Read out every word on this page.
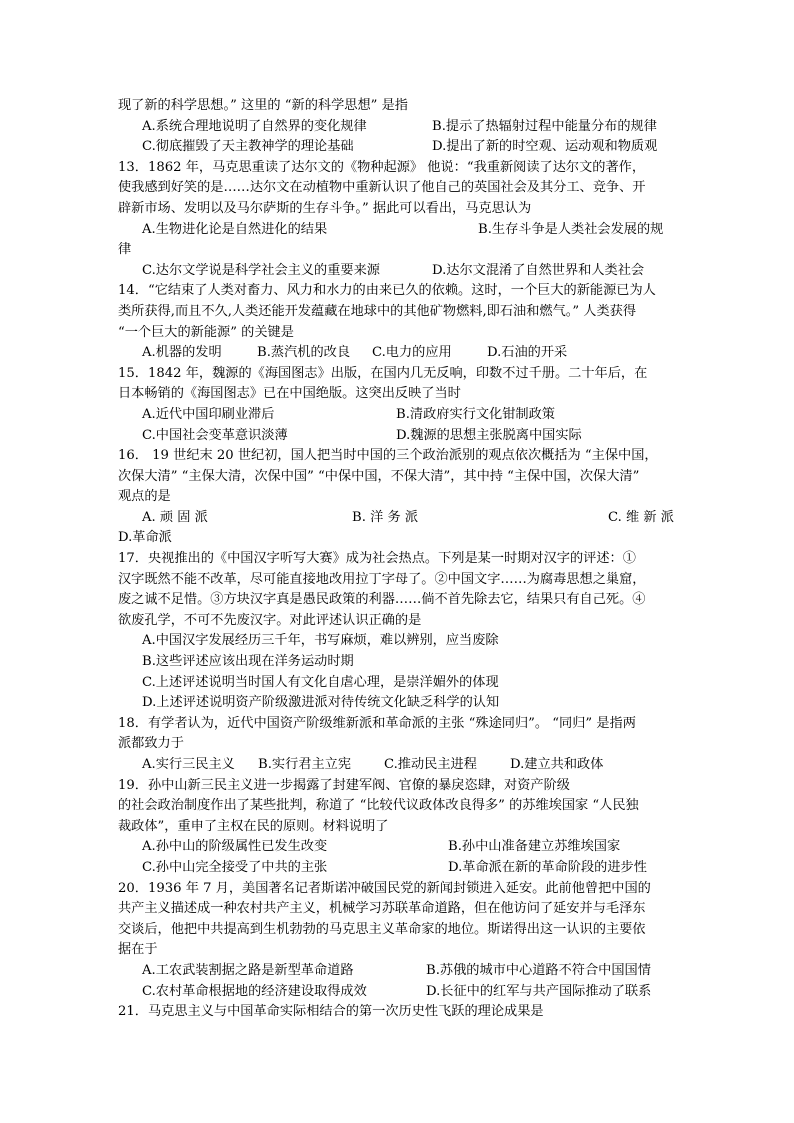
现了新的科学思想。” 这里的 “新的科学思想” 是指
A.系统合理地说明了自然界的变化规律	B.提示了热辐射过程中能量分布的规律
C.彻底摧毁了天主教神学的理论基础	D.提出了新的时空观、运动观和物质观
13．1862 年，马克思重读了达尔文的《物种起源》 他说：“我重新阅读了达尔文的著作，
使我感到好笑的是……达尔文在动植物中重新认识了他自己的英国社会及其分工、竞争、开
辟新市场、发明以及马尔萨斯的生存斗争。” 据此可以看出，马克思认为
A.生物进化论是自然进化的结果	B.生存斗争是人类社会发展的规
律
C.达尔文学说是科学社会主义的重要来源	D.达尔文混淆了自然世界和人类社会
14．“它结束了人类对畜力、风力和水力的由来已久的依赖。这时，一个巨大的新能源已为人
类所获得,而且不久,人类还能开发蕴藏在地球中的其他矿物燃料,即石油和燃气。” 人类获得
“一个巨大的新能源” 的关键是
A.机器的发明	B.蒸汽机的改良	C.电力的应用	D.石油的开采
15．1842 年，魏源的《海国图志》出版，在国内几无反响，印数不过千册。二十年后，在
日本畅销的《海国图志》已在中国绝版。这突出反映了当时
A.近代中国印刷业滞后	B.清政府实行文化钳制政策
C.中国社会变革意识淡薄	D.魏源的思想主张脱离中国实际
16． 19 世纪末 20 世纪初，国人把当时中国的三个政治派别的观点依次概括为 “主保中国，
次保大清” “主保大清，次保中国” “中保中国，不保大清”，其中持 “主保中国，次保大清”
观点的是
A. 顽 固 派	B. 洋 务 派	C. 维 新 派
D.革命派
17．央视推出的《中国汉字听写大赛》成为社会热点。下列是某一时期对汉字的评述：①
汉字既然不能不改革，尽可能直接地改用拉丁字母了。②中国文字……为腐毒思想之巢窟，
废之诚不足惜。③方块汉字真是愚民政策的利器……倘不首先除去它，结果只有自己死。④
欲废孔学，不可不先废汉字。对此评述认识正确的是
A.中国汉字发展经历三千年，书写麻烦，难以辨别，应当废除
B.这些评述应该出现在洋务运动时期
C.上述评述说明当时国人有文化自虐心理，是崇洋媚外的体现
D.上述评述说明资产阶级激进派对待传统文化缺乏科学的认知
18．有学者认为，近代中国资产阶级维新派和革命派的主张 “殊途同归”。 “同归” 是指两
派都致力于
A.实行三民主义	B.实行君主立宪	C.推动民主进程	D.建立共和政体
19．孙中山新三民主义进一步揭露了封建军阀、官僚的暴戾恣肆，对资产阶级
的社会政治制度作出了某些批判，称道了 “比较代议政体改良得多” 的苏维埃国家 “人民独
裁政体”，重申了主权在民的原则。材料说明了
A.孙中山的阶级属性已发生改变	B.孙中山准备建立苏维埃国家
C.孙中山完全接受了中共的主张	D.革命派在新的革命阶段的进步性
20．1936 年 7 月，美国著名记者斯诺冲破国民党的新闻封锁进入延安。此前他曾把中国的
共产主义描述成一种农村共产主义，机械学习苏联革命道路，但在他访问了延安并与毛泽东
交谈后，他把中共提高到生机勃勃的马克思主义革命家的地位。斯诺得出这一认识的主要依
据在于
A.工农武装割据之路是新型革命道路	B.苏俄的城市中心道路不符合中国国情
C.农村革命根据地的经济建设取得成效	D.长征中的红军与共产国际推动了联系
21．马克思主义与中国革命实际相结合的第一次历史性飞跃的理论成果是
